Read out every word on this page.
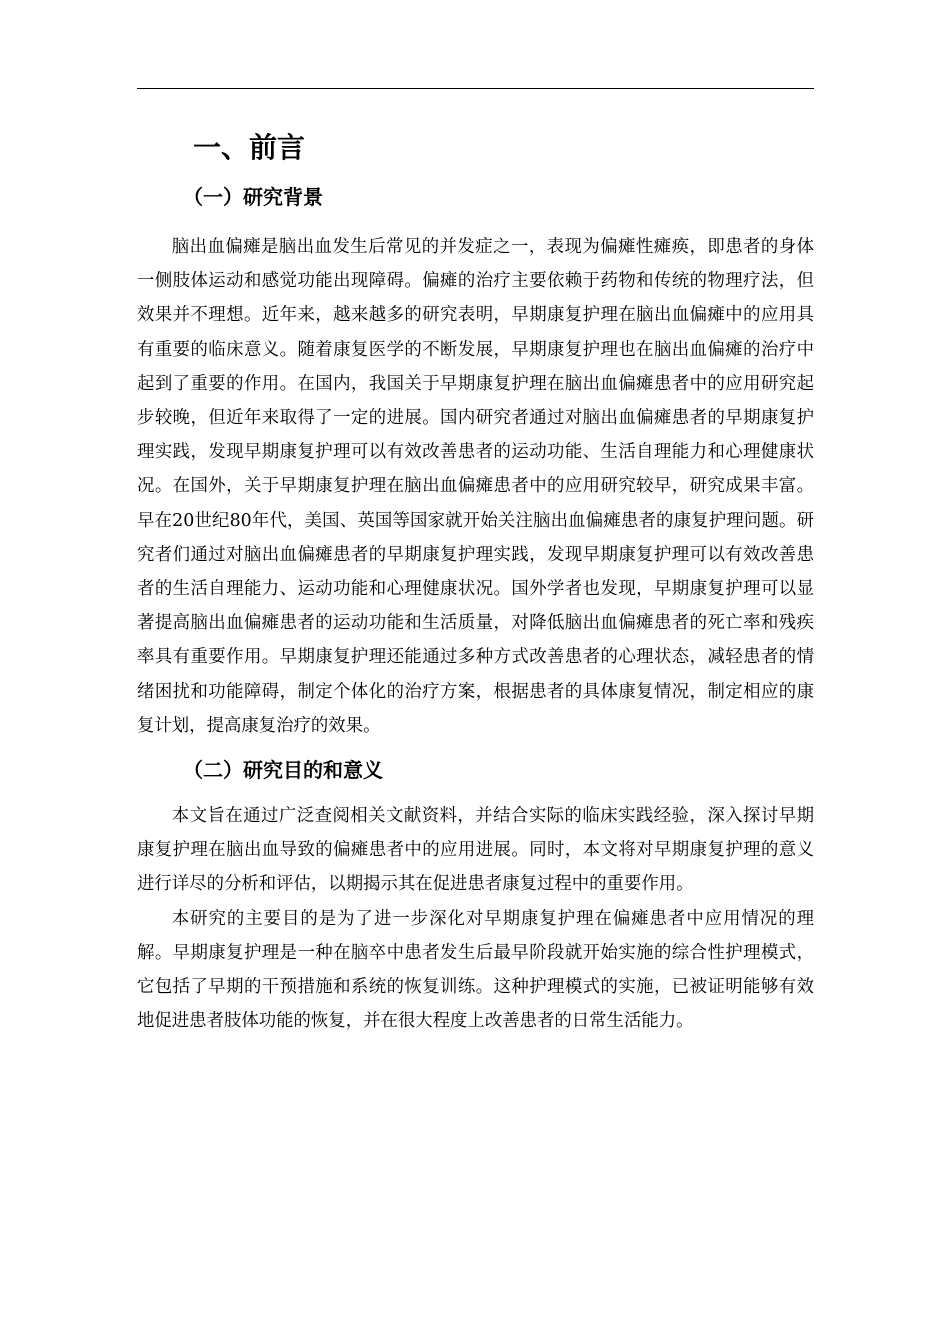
一、前言
（一）研究背景

脑出血偏瘫是脑出血发生后常见的并发症之一，表现为偏瘫性瘫痪，即患者的身体一侧肢体运动和感觉功能出现障碍。偏瘫的治疗主要依赖于药物和传统的物理疗法，但效果并不理想。近年来，越来越多的研究表明，早期康复护理在脑出血偏瘫中的应用具有重要的临床意义。随着康复医学的不断发展，早期康复护理也在脑出血偏瘫的治疗中起到了重要的作用。在国内，我国关于早期康复护理在脑出血偏瘫患者中的应用研究起步较晚，但近年来取得了一定的进展。国内研究者通过对脑出血偏瘫患者的早期康复护理实践，发现早期康复护理可以有效改善患者的运动功能、生活自理能力和心理健康状况。在国外，关于早期康复护理在脑出血偏瘫患者中的应用研究较早，研究成果丰富。早在20世纪80年代，美国、英国等国家就开始关注脑出血偏瘫患者的康复护理问题。研究者们通过对脑出血偏瘫患者的早期康复护理实践，发现早期康复护理可以有效改善患者的生活自理能力、运动功能和心理健康状况。国外学者也发现，早期康复护理可以显著提高脑出血偏瘫患者的运动功能和生活质量，对降低脑出血偏瘫患者的死亡率和残疾率具有重要作用。早期康复护理还能通过多种方式改善患者的心理状态，减轻患者的情绪困扰和功能障碍，制定个体化的治疗方案，根据患者的具体康复情况，制定相应的康复计划，提高康复治疗的效果。

（二）研究目的和意义

本文旨在通过广泛查阅相关文献资料，并结合实际的临床实践经验，深入探讨早期康复护理在脑出血导致的偏瘫患者中的应用进展。同时，本文将对早期康复护理的意义进行详尽的分析和评估，以期揭示其在促进患者康复过程中的重要作用。

本研究的主要目的是为了进一步深化对早期康复护理在偏瘫患者中应用情况的理解。早期康复护理是一种在脑卒中患者发生后最早阶段就开始实施的综合性护理模式，它包括了早期的干预措施和系统的恢复训练。这种护理模式的实施，已被证明能够有效地促进患者肢体功能的恢复，并在很大程度上改善患者的日常生活能力。
